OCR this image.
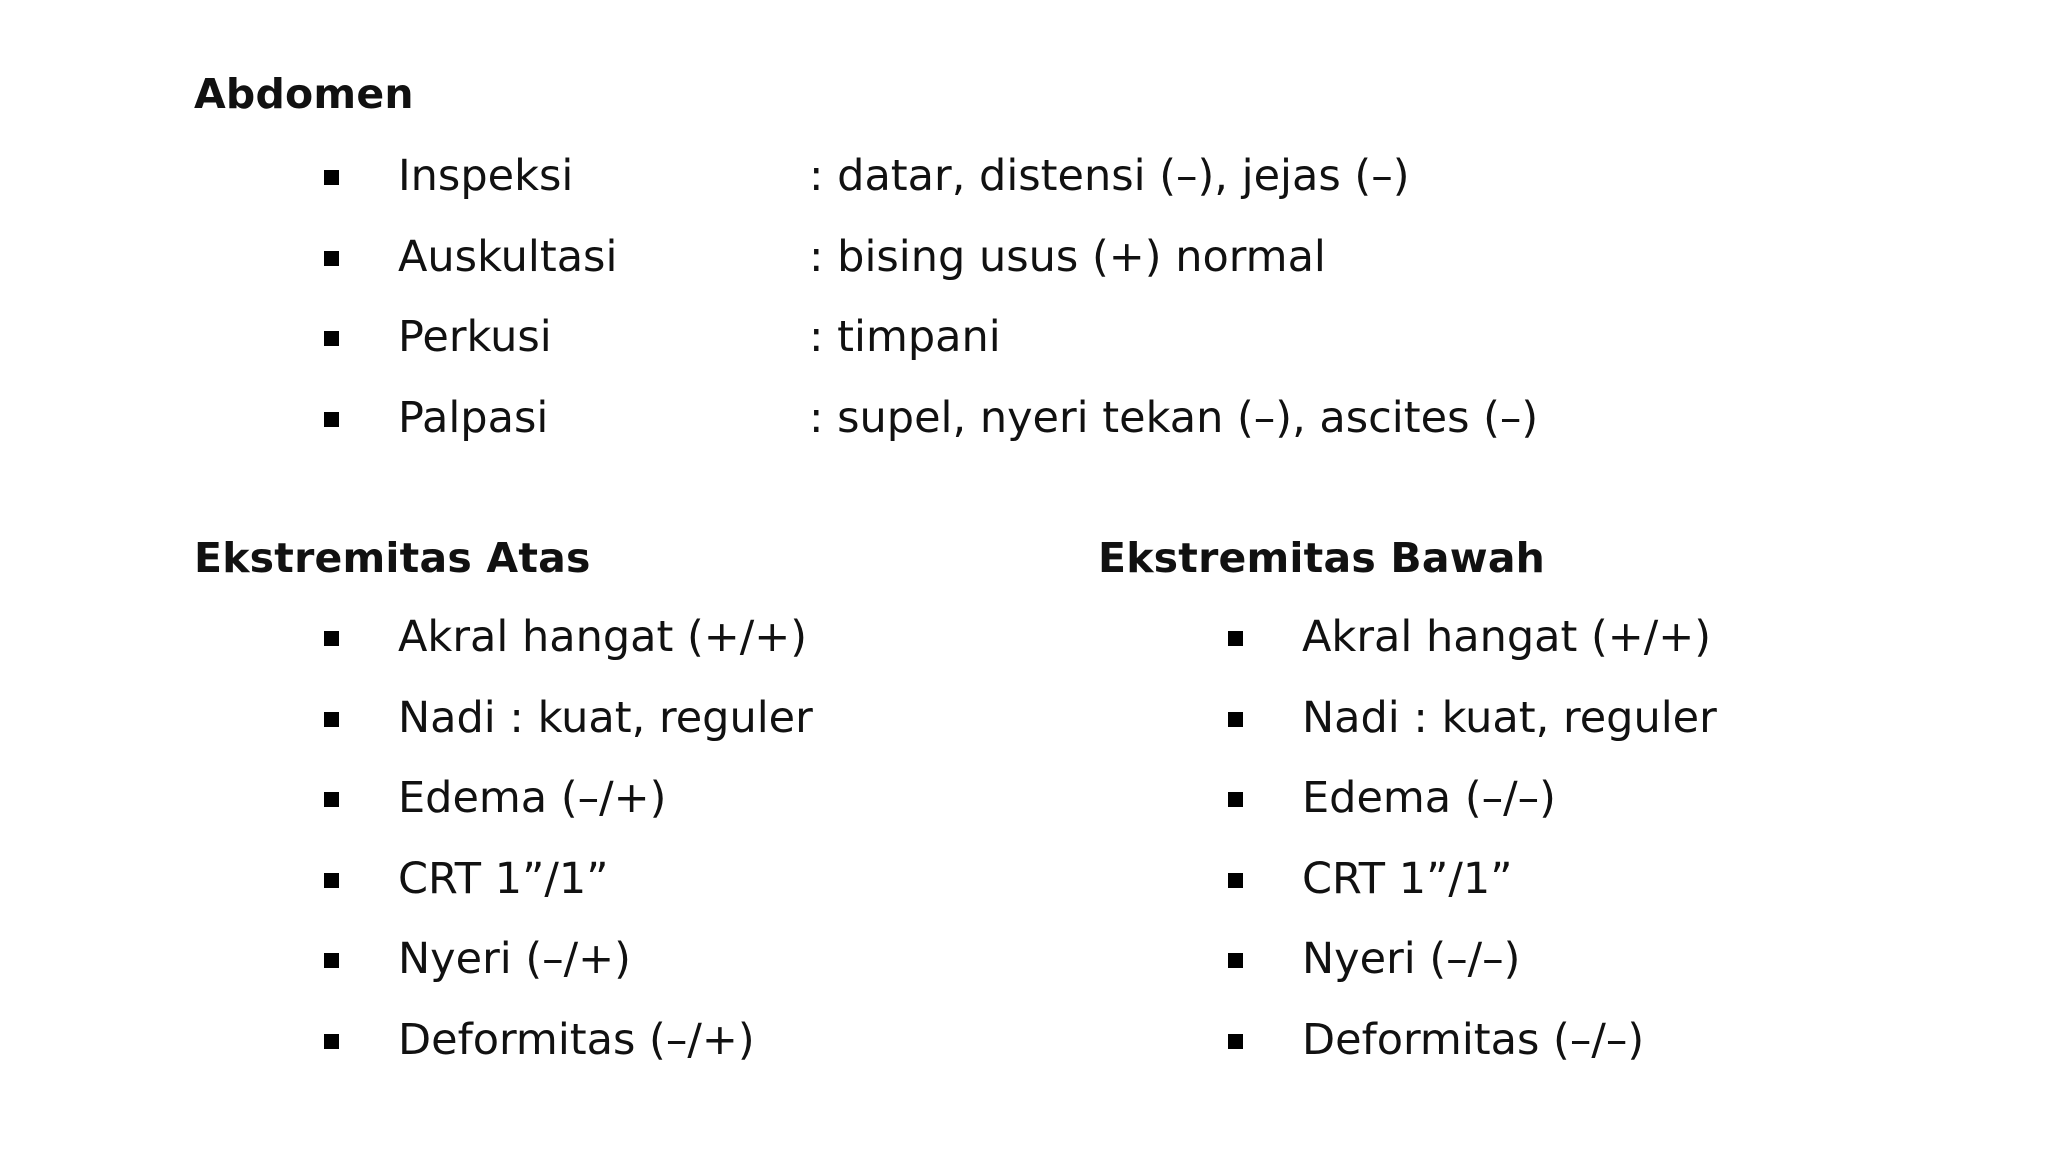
Abdomen
Inspeksi	: datar, distensi (–), jejas (–)
Auskultasi	: bising usus (+) normal
Perkusi	: timpani
Palpasi	: supel, nyeri tekan (–), ascites (–)
Ekstremitas Atas
Akral hangat (+/+)
Nadi : kuat, reguler
Edema (–/+)
CRT 1”/1”
Nyeri (–/+)
Deformitas (–/+)
Ekstremitas Bawah
Akral hangat (+/+)
Nadi : kuat, reguler
Edema (–/–)
CRT 1”/1”
Nyeri (–/–)
Deformitas (–/–)
